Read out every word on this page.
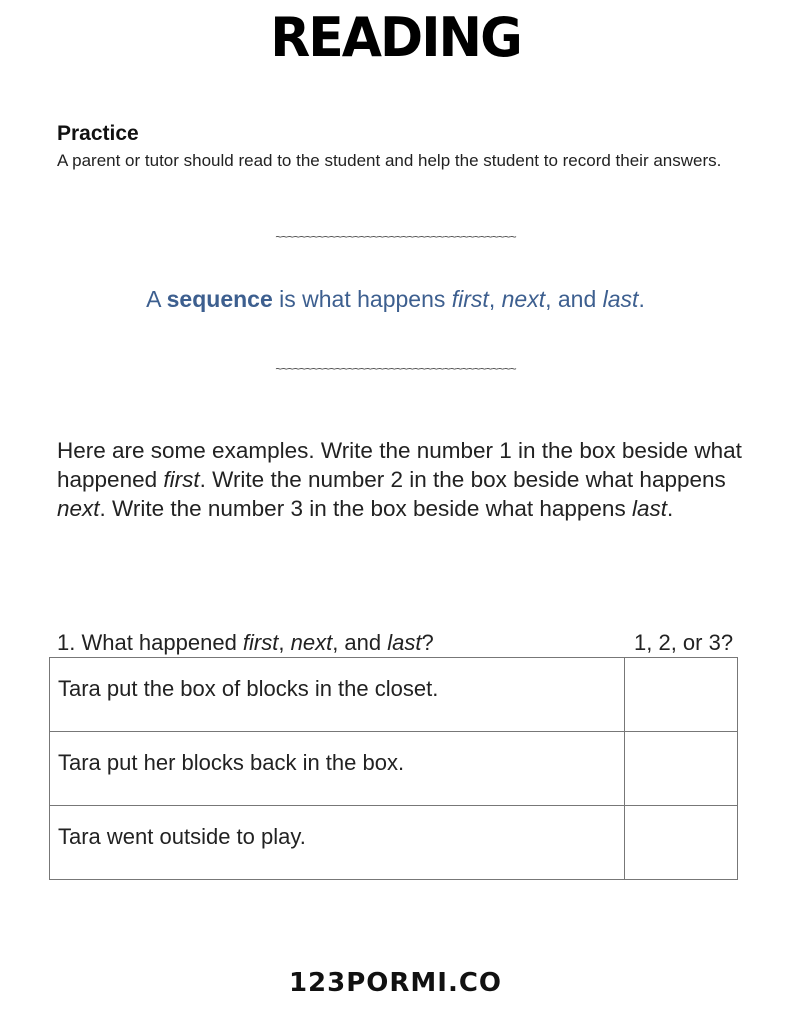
READING
Practice
A parent or tutor should read to the student and help the student to record their answers.
~~~~~~~~~~~~~~~~~~~~~~~~~~~~~~~~~~~~~~~~
A sequence is what happens first, next, and last.
~~~~~~~~~~~~~~~~~~~~~~~~~~~~~~~~~~~~~~~~
Here are some examples. Write the number 1 in the box beside what happened first. Write the number 2 in the box beside what happens next. Write the number 3 in the box beside what happens last.
1. What happened first, next, and last?	1, 2, or 3?
Tara put the box of blocks in the closet.	
Tara put her blocks back in the box.	
Tara went outside to play.	
123PORMI.CO
